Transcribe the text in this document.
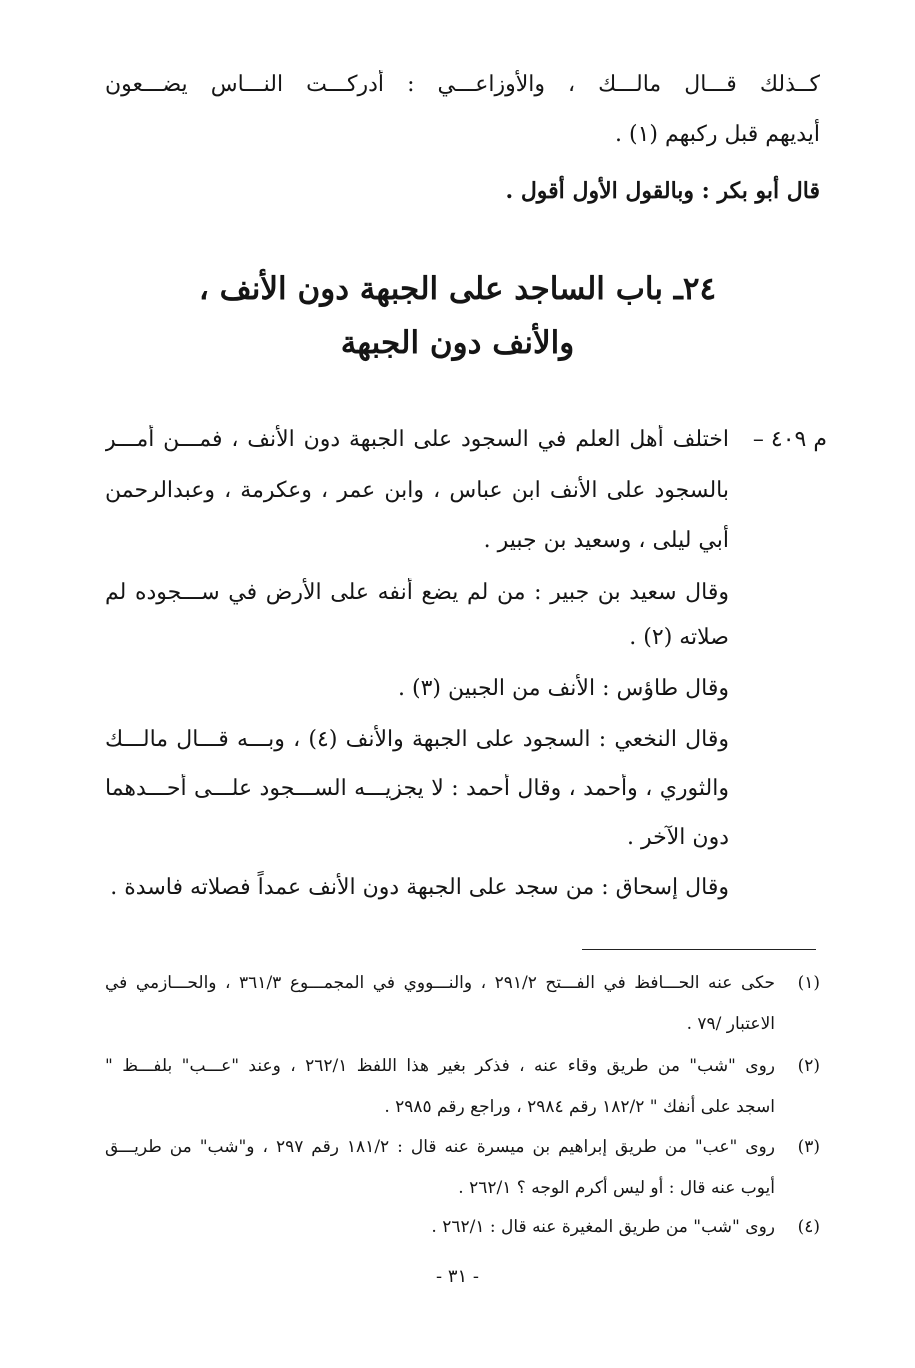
كــذلك قـــال مالـــك ، والأوزاعـــي : أدركـــت النـــاس يضـــعون
أيديهم قبل ركبهم (١) .
قال أبو بكر : وبالقول الأول أقول .
٢٤ـ باب الساجد على الجبهة دون الأنف ،
والأنف دون الجبهة
م ٤٠٩ –
اختلف أهل العلم في السجود على الجبهة دون الأنف ، فمـــن أمـــر
بالسجود على الأنف ابن عباس ، وابن عمر ، وعكرمة ، وعبدالرحمن
أبي ليلى ، وسعيد بن جبير .
وقال سعيد بن جبير : من لم يضع أنفه على الأرض في ســـجوده لم
صلاته (٢) .
وقال طاؤس : الأنف من الجبين (٣) .
وقال النخعي : السجود على الجبهة والأنف (٤) ، وبـــه قـــال مالـــك
والثوري ، وأحمد ، وقال أحمد : لا يجزيـــه الســـجود علـــى أحـــدهما
دون الآخر .
وقال إسحاق : من سجد على الجبهة دون الأنف عمداً فصلاته فاسدة .
(١)
حكى عنه الحـــافظ في الفـــتح ٢٩١/٢ ، والنـــووي في المجمـــوع ٣٦١/٣ ، والحـــازمي في
الاعتبار /٧٩ .
(٢)
روى "شب" من طريق وقاء عنه ، فذكر بغير هذا اللفظ ٢٦٢/١ ، وعند "عـــب" بلفـــظ "
اسجد على أنفك " ١٨٢/٢ رقم ٢٩٨٤ ، وراجع رقم ٢٩٨٥ .
(٣)
روى "عب" من طريق إبراهيم بن ميسرة عنه قال : ١٨١/٢ رقم ٢٩٧ ، و"شب" من طريـــق
أيوب عنه قال : أو ليس أكرم الوجه ؟ ٢٦٢/١ .
(٤)
روى "شب" من طريق المغيرة عنه قال : ٢٦٢/١ .
- ٣١ -
